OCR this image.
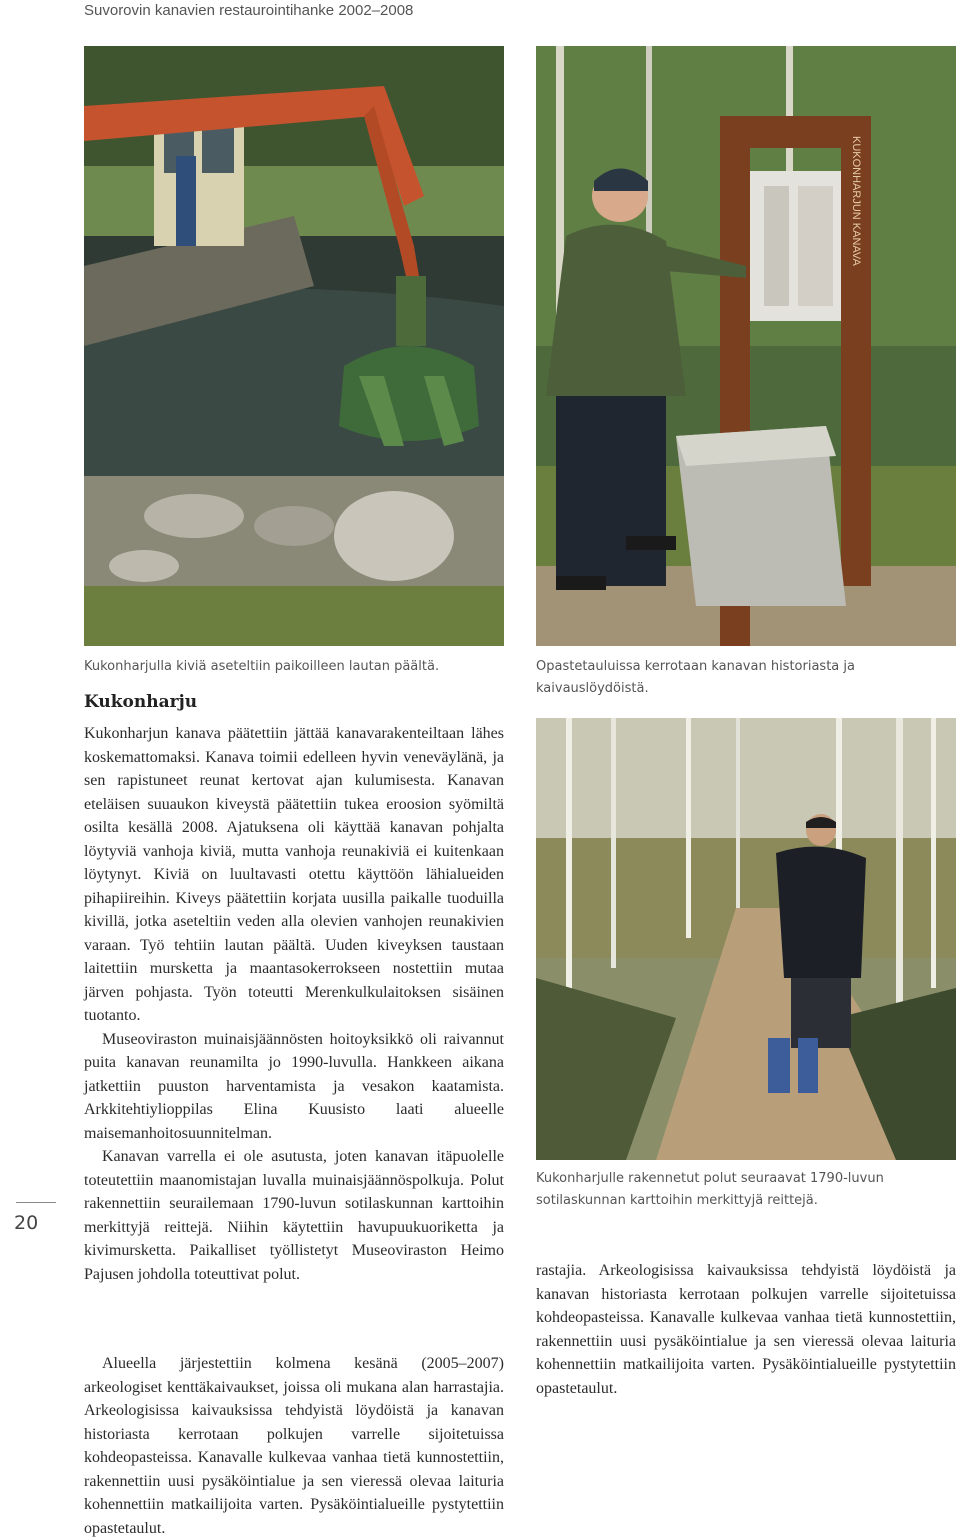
Suvorovin kanavien restaurointihanke 2002–2008
KUKONHARJUN KANAVA
Kukonharjulla kiviä aseteltiin paikoilleen lautan päältä.	Opastetauluissa kerrotaan kanavan historiasta ja kaivauslöydöistä.
Kukonharju

Kukonharjun kanava päätettiin jättää kanavarakenteiltaan lähes koskemattomaksi. Kanava toimii edelleen hyvin veneväylänä, ja sen rapistuneet reunat kertovat ajan kulumisesta. Kanavan eteläisen suuaukon kiveystä päätettiin tukea eroosion syömiltä osilta kesällä 2008. Ajatuksena oli käyttää kanavan pohjalta löytyviä vanhoja kiviä, mutta vanhoja reunakiviä ei kuitenkaan löytynyt. Kiviä on luultavasti otettu käyttöön lähialueiden pihapiireihin. Kiveys päätettiin korjata uusilla paikalle tuoduilla kivillä, jotka aseteltiin veden alla olevien vanhojen reunakivien varaan. Työ tehtiin lautan päältä. Uuden kiveyksen taustaan laitettiin mursketta ja maantasokerrokseen nostettiin mutaa järven pohjasta. Työn toteutti Merenkulkulaitoksen sisäinen tuotanto.

Museoviraston muinaisjäännösten hoitoyksikkö oli raivannut puita kanavan reunamilta jo 1990-luvulla. Hankkeen aikana jatkettiin puuston harventamista ja vesakon kaatamista. Arkkitehtiylioppilas Elina Kuusisto laati alueelle maisemanhoitosuunnitelman.

Kanavan varrella ei ole asutusta, joten kanavan itäpuolelle toteutettiin maanomistajan luvalla muinaisjäännöspolkuja. Polut rakennettiin seurailemaan 1790-luvun sotilaskunnan karttoihin merkittyjä reittejä. Niihin käytettiin havupuukuorikettа ja kivimursketta. Paikalliset työllistetyt Museoviraston Heimo Pajusen johdolla toteuttivat polut.

Alueella järjestettiin kolmena kesänä (2005–2007) arkeologiset kenttäkaivaukset, joissa oli mukana alan harrastajia. Arkeologisissa kaivauksissa tehdyistä löydöistä ja kanavan historiasta kerrotaan polkujen varrelle sijoitetuissa kohdeopasteissa. Kanavalle kulkevaa vanhaa tietä kunnostettiin, rakennettiin uusi pysäköintialue ja sen vieressä olevaa laituria kohennettiin matkailijoita varten. Pysäköintialueille pystytettiin opastetaulut.

Kukonharjulle rakennetut polut seuraavat 1790-luvun sotilaskunnan karttoihin merkittyjä reittejä.

rastajia. Arkeologisissa kaivauksissa tehdyistä löydöistä ja kanavan historiasta kerrotaan polkujen varrelle sijoitetuissa kohdeopasteissa. Kanavalle kulkevaa vanhaa tietä kunnostettiin, rakennettiin uusi pysäköintialue ja sen vieressä olevaa laituria kohennettiin matkailijoita varten. Pysäköintialueille pystytettiin opastetaulut.

20
